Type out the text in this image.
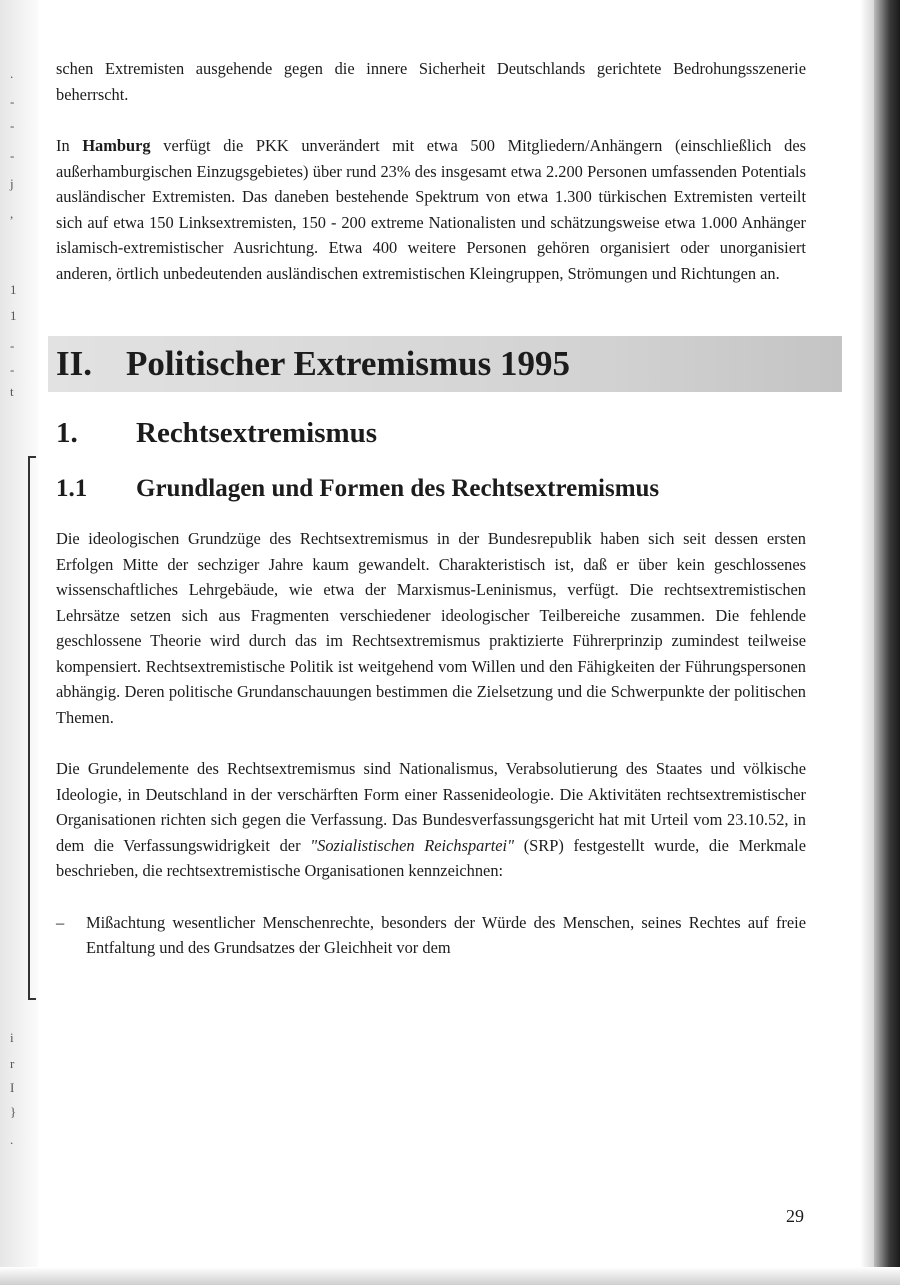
.
-
-
-
j
,
1
1
-
-
t
i
r
I
}
.

schen Extremisten ausgehende gegen die innere Sicherheit Deutschlands gerichtete Bedrohungsszenerie beherrscht.

In Hamburg verfügt die PKK unverändert mit etwa 500 Mitgliedern/Anhängern (einschließlich des außerhamburgischen Einzugsgebietes) über rund 23% des insgesamt etwa 2.200 Personen umfassenden Potentials ausländischer Extremisten. Das daneben bestehende Spektrum von etwa 1.300 türkischen Extremisten verteilt sich auf etwa 150 Linksextremisten, 150 - 200 extreme Nationalisten und schätzungsweise etwa 1.000 Anhänger islamisch-extremistischer Ausrichtung. Etwa 400 weitere Personen gehören organisiert oder unorganisiert anderen, örtlich unbedeutenden ausländischen extremistischen Kleingruppen, Strömungen und Richtungen an.

II. Politischer Extremismus 1995
1.	Rechtsextremismus
1.1	Grundlagen und Formen des Rechtsextremismus

Die ideologischen Grundzüge des Rechtsextremismus in der Bundesrepublik haben sich seit dessen ersten Erfolgen Mitte der sechziger Jahre kaum gewandelt. Charakteristisch ist, daß er über kein geschlossenes wissenschaftliches Lehrgebäude, wie etwa der Marxismus-Leninismus, verfügt. Die rechtsextremistischen Lehrsätze setzen sich aus Fragmenten verschiedener ideologischer Teilbereiche zusammen. Die fehlende geschlossene Theorie wird durch das im Rechtsextremismus praktizierte Führerprinzip zumindest teilweise kompensiert. Rechtsextremistische Politik ist weitgehend vom Willen und den Fähigkeiten der Führungspersonen abhängig. Deren politische Grundanschauungen bestimmen die Zielsetzung und die Schwerpunkte der politischen Themen.

Die Grundelemente des Rechtsextremismus sind Nationalismus, Verabsolutierung des Staates und völkische Ideologie, in Deutschland in der verschärften Form einer Rassenideologie. Die Aktivitäten rechtsextremistischer Organisationen richten sich gegen die Verfassung. Das Bundesverfassungsgericht hat mit Urteil vom 23.10.52, in dem die Verfassungswidrigkeit der "Sozialistischen Reichspartei" (SRP) festgestellt wurde, die Merkmale beschrieben, die rechtsextremistische Organisationen kennzeichnen:

–	Mißachtung wesentlicher Menschenrechte, besonders der Würde des Menschen, seines Rechtes auf freie Entfaltung und des Grundsatzes der Gleichheit vor dem

29
